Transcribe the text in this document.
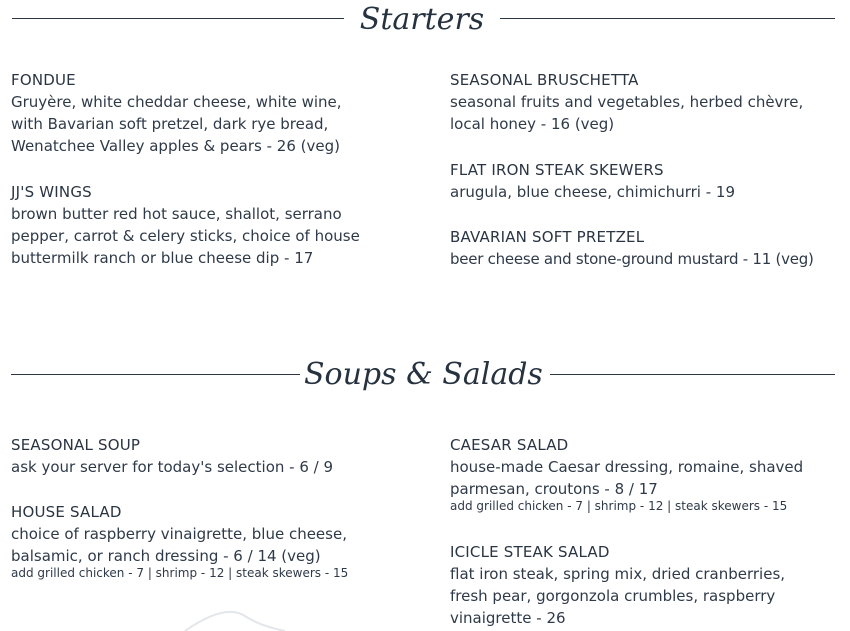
Starters
FONDUE
Gruyère, white cheddar cheese, white wine,
with Bavarian soft pretzel, dark rye bread,
Wenatchee Valley apples & pears - 26 (veg)
JJ'S WINGS
brown butter red hot sauce, shallot, serrano
pepper, carrot & celery sticks, choice of house
buttermilk ranch or blue cheese dip - 17
SEASONAL BRUSCHETTA
seasonal fruits and vegetables, herbed chèvre,
local honey - 16 (veg)
FLAT IRON STEAK SKEWERS
arugula, blue cheese, chimichurri - 19
BAVARIAN SOFT PRETZEL
beer cheese and stone-ground mustard - 11 (veg)
Soups & Salads
SEASONAL SOUP
ask your server for today's selection - 6 / 9
HOUSE SALAD
choice of raspberry vinaigrette, blue cheese,
balsamic, or ranch dressing - 6 / 14 (veg)
add grilled chicken - 7 | shrimp - 12 | steak skewers - 15
CAESAR SALAD
house-made Caesar dressing, romaine, shaved
parmesan, croutons - 8 / 17
add grilled chicken - 7 | shrimp - 12 | steak skewers - 15
ICICLE STEAK SALAD
flat iron steak, spring mix, dried cranberries,
fresh pear, gorgonzola crumbles, raspberry
vinaigrette - 26
